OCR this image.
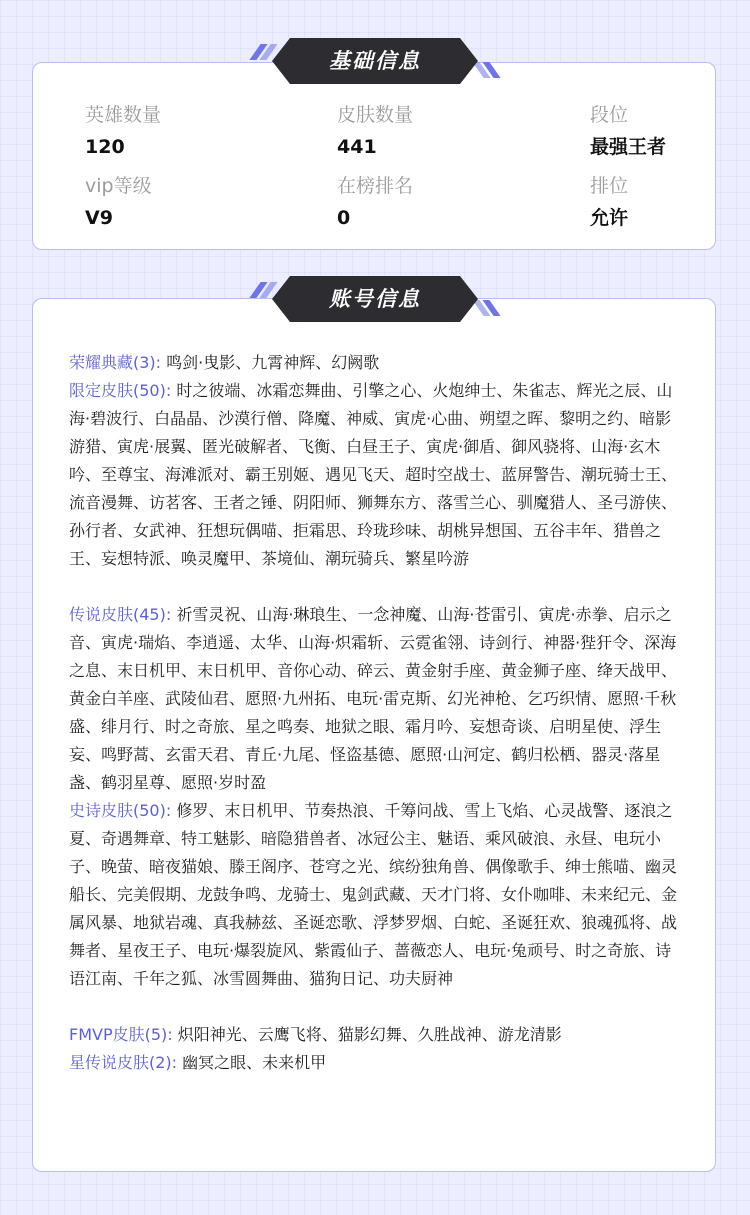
英雄数量
120
皮肤数量
441
段位
最强王者
vip等级
V9
在榜排名
0
排位
允许
基础信息
荣耀典藏(3): 鸣剑·曳影、九霄神辉、幻阙歌
限定皮肤(50): 时之彼端、冰霜恋舞曲、引擎之心、火炮绅士、朱雀志、辉光之辰、山海·碧波行、白晶晶、沙漠行僧、降魔、神威、寅虎·心曲、朔望之晖、黎明之约、暗影游猎、寅虎·展翼、匿光破解者、飞衡、白昼王子、寅虎·御盾、御风骁将、山海·玄木吟、至尊宝、海滩派对、霸王别姬、遇见飞天、超时空战士、蓝屏警告、潮玩骑士王、流音漫舞、访茗客、王者之锤、阴阳师、狮舞东方、落雪兰心、驯魔猎人、圣弓游侠、孙行者、女武神、狂想玩偶喵、拒霜思、玲珑珍味、胡桃异想国、五谷丰年、猎兽之王、妄想特派、唤灵魔甲、茶境仙、潮玩骑兵、繁星吟游
传说皮肤(45): 祈雪灵祝、山海·琳琅生、一念神魔、山海·苍雷引、寅虎·赤拳、启示之音、寅虎·瑞焰、李逍遥、太华、山海·炽霜斩、云霓雀翎、诗剑行、神器·狴犴令、深海之息、末日机甲、末日机甲、音你心动、碎云、黄金射手座、黄金狮子座、绛天战甲、黄金白羊座、武陵仙君、愿照·九州拓、电玩·雷克斯、幻光神枪、乞巧织情、愿照·千秋盛、绯月行、时之奇旅、星之鸣奏、地狱之眼、霜月吟、妄想奇谈、启明星使、浮生妄、鸣野蒿、玄雷天君、青丘·九尾、怪盗基德、愿照·山河定、鹤归松栖、器灵·落星盏、鹤羽星尊、愿照·岁时盈
史诗皮肤(50): 修罗、末日机甲、节奏热浪、千筹问战、雪上飞焰、心灵战警、逐浪之夏、奇遇舞章、特工魅影、暗隐猎兽者、冰冠公主、魅语、乘风破浪、永昼、电玩小子、晚萤、暗夜猫娘、滕王阁序、苍穹之光、缤纷独角兽、偶像歌手、绅士熊喵、幽灵船长、完美假期、龙鼓争鸣、龙骑士、鬼剑武藏、天才门将、女仆咖啡、未来纪元、金属风暴、地狱岩魂、真我赫兹、圣诞恋歌、浮梦罗烟、白蛇、圣诞狂欢、狼魂孤将、战舞者、星夜王子、电玩·爆裂旋风、紫霞仙子、蔷薇恋人、电玩·兔顽号、时之奇旅、诗语江南、千年之狐、冰雪圆舞曲、猫狗日记、功夫厨神
FMVP皮肤(5): 炽阳神光、云鹰飞将、猫影幻舞、久胜战神、游龙清影
星传说皮肤(2): 幽冥之眼、未来机甲
账号信息
